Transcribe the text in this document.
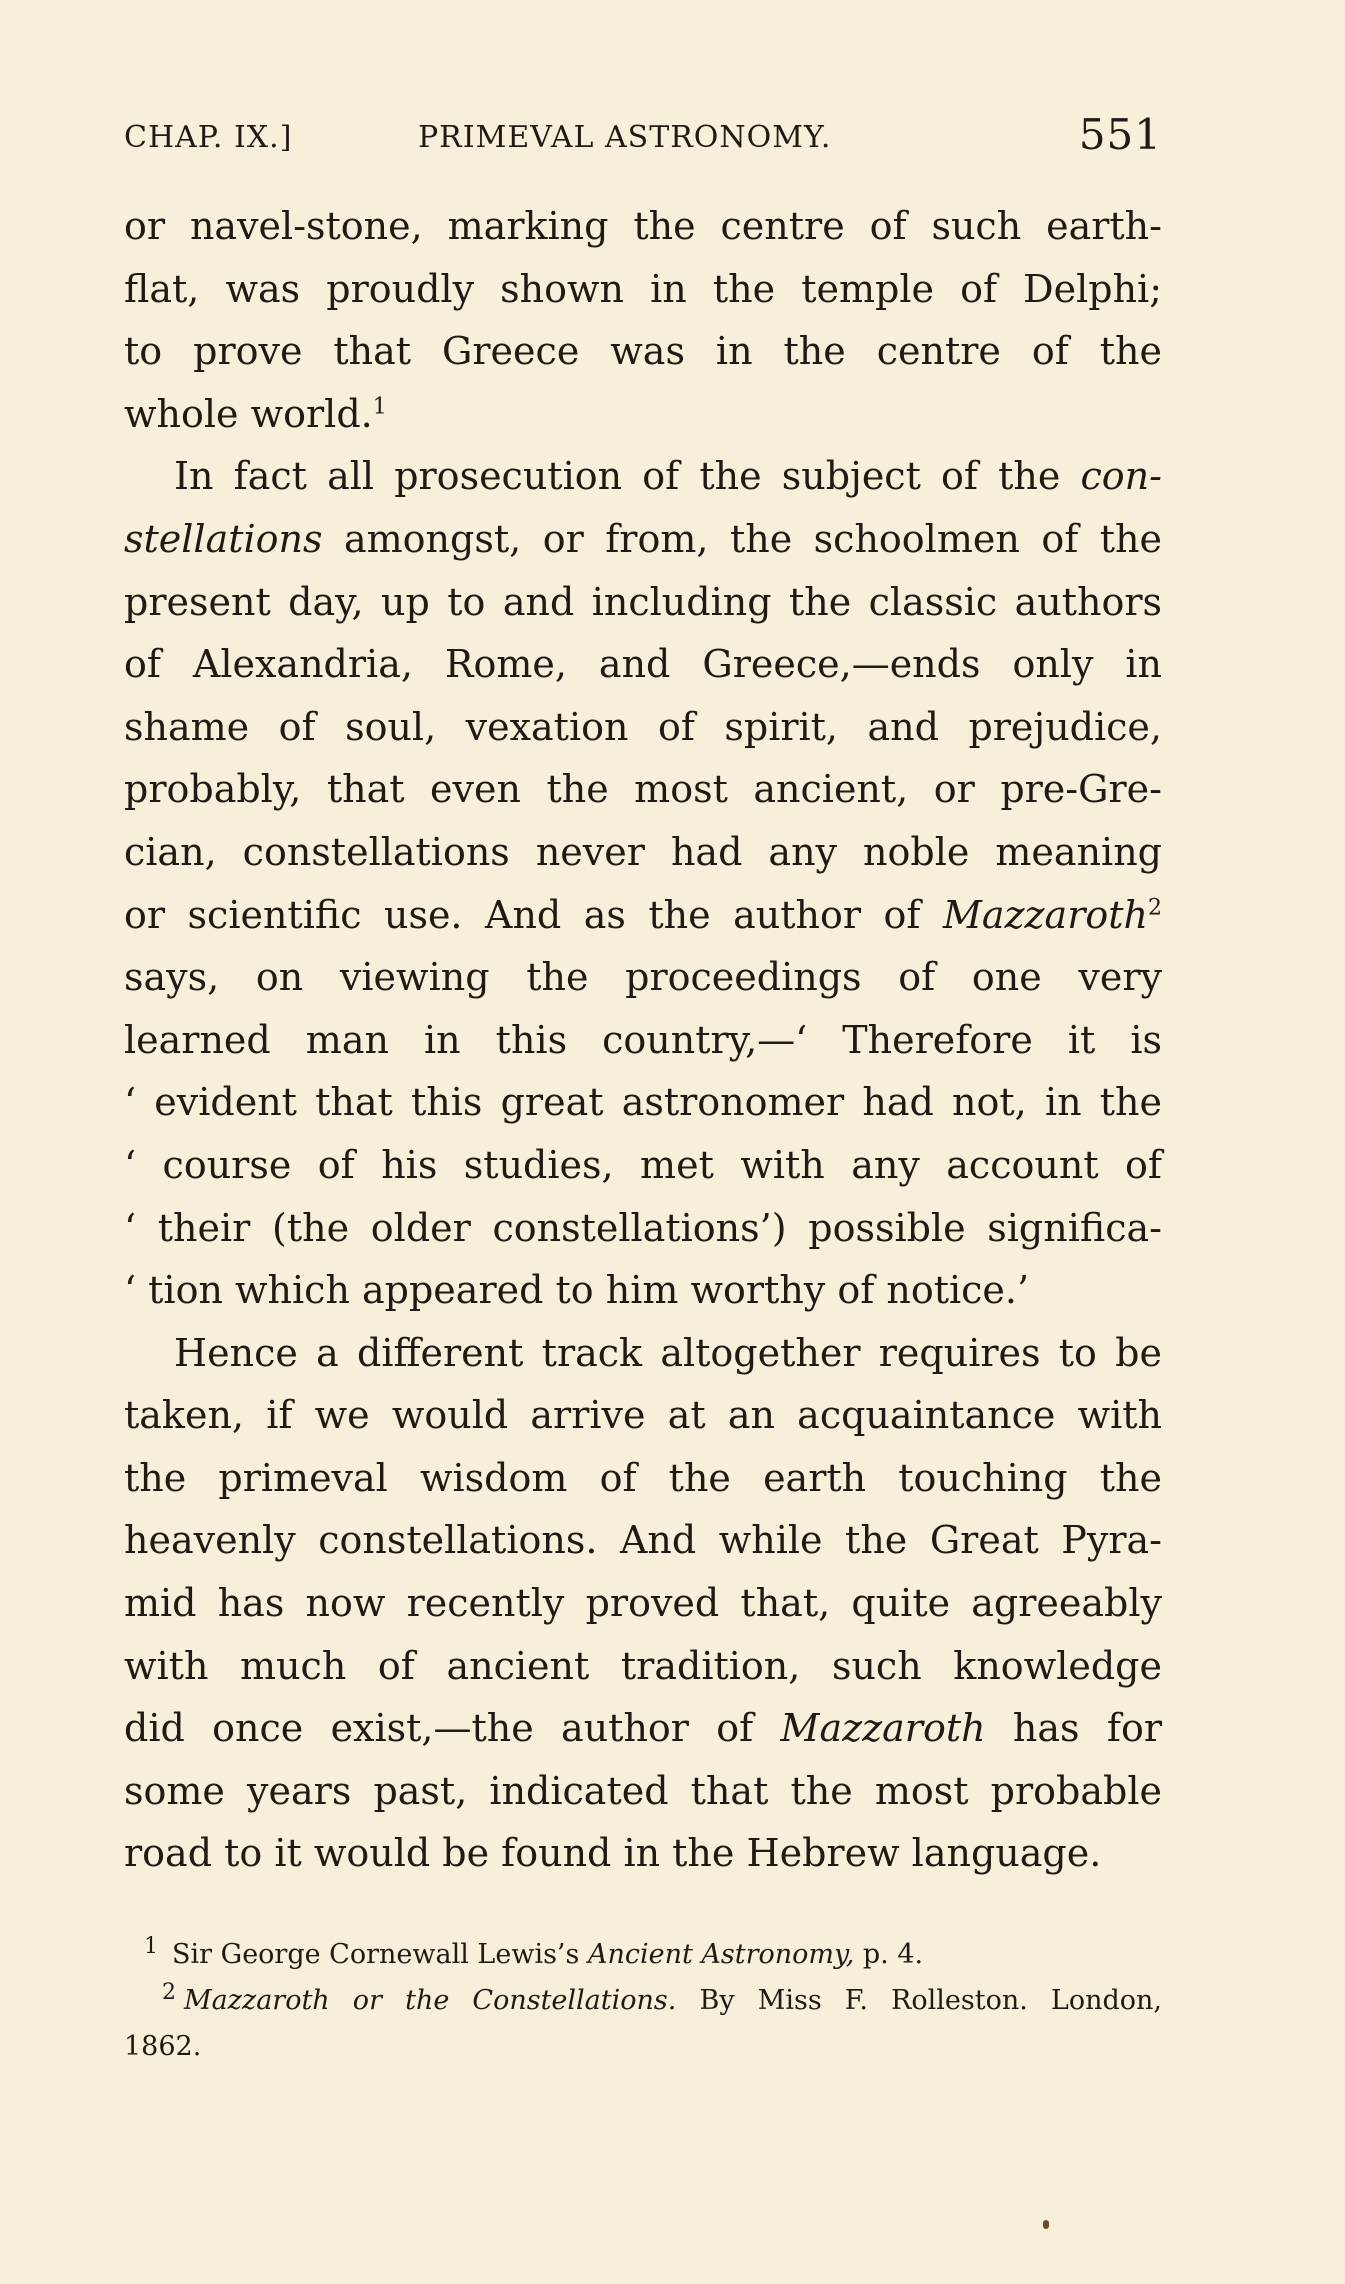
CHAP. IX.]	PRIMEVAL ASTRONOMY.	551

or navel-stone, marking the centre of such earth-
flat, was proudly shown in the temple of Delphi;
to prove that Greece was in the centre of the
whole world.$^1$

In fact all prosecution of the subject of the con-
stellations amongst, or from, the schoolmen of the
present day, up to and including the classic authors
of Alexandria, Rome, and Greece,—ends only in
shame of soul, vexation of spirit, and prejudice,
probably, that even the most ancient, or pre-Gre-
cian, constellations never had any noble meaning
or scientific use. And as the author of Mazzaroth$^2$
says, on viewing the proceedings of one very
learned man in this country,—‘ Therefore it is
‘ evident that this great astronomer had not, in the
‘ course of his studies, met with any account of
‘ their (the older constellations’) possible significa-
‘ tion which appeared to him worthy of notice.’

Hence a different track altogether requires to be
taken, if we would arrive at an acquaintance with
the primeval wisdom of the earth touching the
heavenly constellations. And while the Great Pyra-
mid has now recently proved that, quite agreeably
with much of ancient tradition, such knowledge
did once exist,—the author of Mazzaroth has for
some years past, indicated that the most probable
road to it would be found in the Hebrew language.

1 Sir George Cornewall Lewis’s Ancient Astronomy, p. 4.
$^2$ Mazzaroth or the Constellations. By Miss F. Rolleston. London,
1862.
